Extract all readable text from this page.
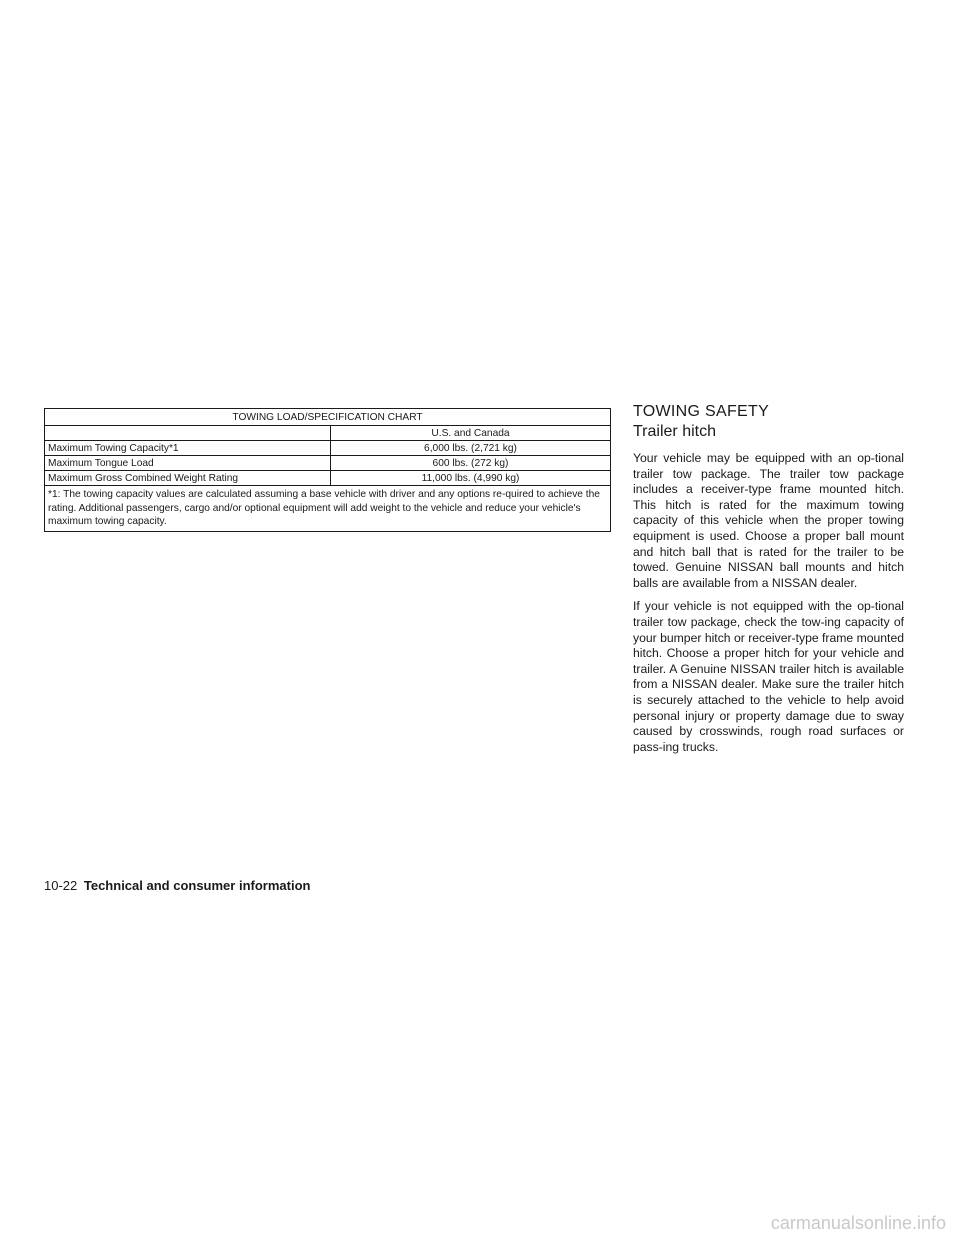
TOWING LOAD/SPECIFICATION CHART	
	U.S. and Canada
Maximum Towing Capacity*1	6,000 lbs. (2,721 kg)
Maximum Tongue Load	600 lbs. (272 kg)
Maximum Gross Combined Weight Rating	11,000 lbs. (4,990 kg)
*1: The towing capacity values are calculated assuming a base vehicle with driver and any options re-quired to achieve the rating. Additional passengers, cargo and/or optional equipment will add weight to the vehicle and reduce your vehicle's maximum towing capacity.	
TOWING SAFETY
Trailer hitch

Your vehicle may be equipped with an op-tional trailer tow package. The trailer tow package includes a receiver-type frame mounted hitch. This hitch is rated for the maximum towing capacity of this vehicle when the proper towing equipment is used. Choose a proper ball mount and hitch ball that is rated for the trailer to be towed. Genuine NISSAN ball mounts and hitch balls are available from a NISSAN dealer.

If your vehicle is not equipped with the op-tional trailer tow package, check the tow-ing capacity of your bumper hitch or receiver-type frame mounted hitch. Choose a proper hitch for your vehicle and trailer. A Genuine NISSAN trailer hitch is available from a NISSAN dealer. Make sure the trailer hitch is securely attached to the vehicle to help avoid personal injury or property damage due to sway caused by crosswinds, rough road surfaces or pass-ing trucks.

10-22 Technical and consumer information
carmanualsonline.info
